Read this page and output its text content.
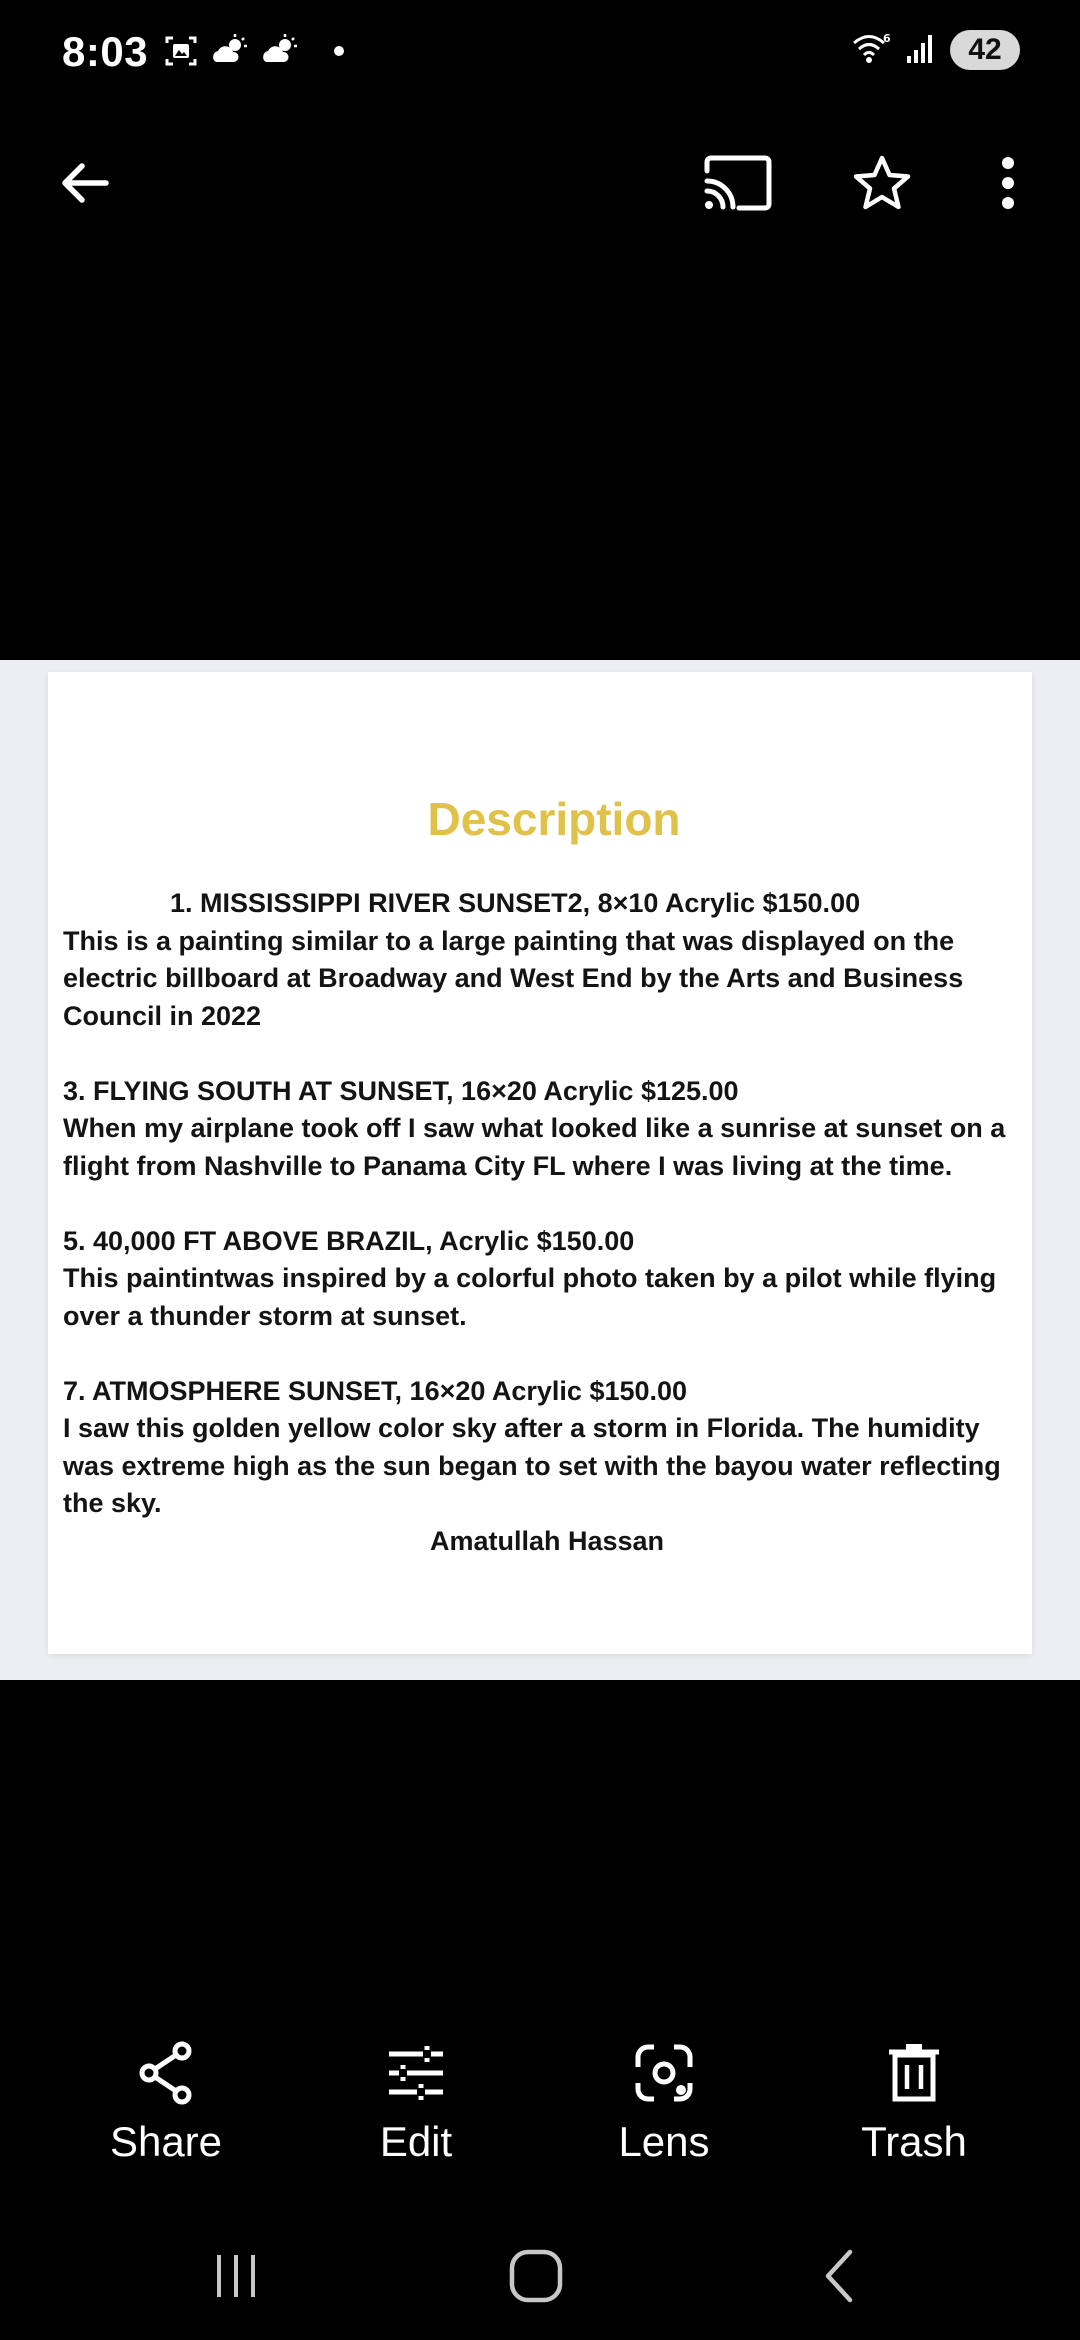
8:03	6	42
Description

1. MISSISSIPPI RIVER SUNSET2, 8×10 Acrylic $150.00

This is a painting similar to a large painting that was displayed on the electric billboard at Broadway and West End by the Arts and Business Council in 2022

3. FLYING SOUTH AT SUNSET, 16×20 Acrylic $125.00

When my airplane took off I saw what looked like a sunrise at sunset on a flight from Nashville to Panama City FL where I was living at the time.

5. 40,000 FT ABOVE BRAZIL, Acrylic $150.00

This paintintwas inspired by a colorful photo taken by a pilot while flying over a thunder storm at sunset.

7. ATMOSPHERE SUNSET, 16×20 Acrylic $150.00

I saw this golden yellow color sky after a storm in Florida. The humidity was extreme high as the sun began to set with the bayou water reflecting the sky.

Amatullah Hassan

Share	Edit	Lens	Trash
